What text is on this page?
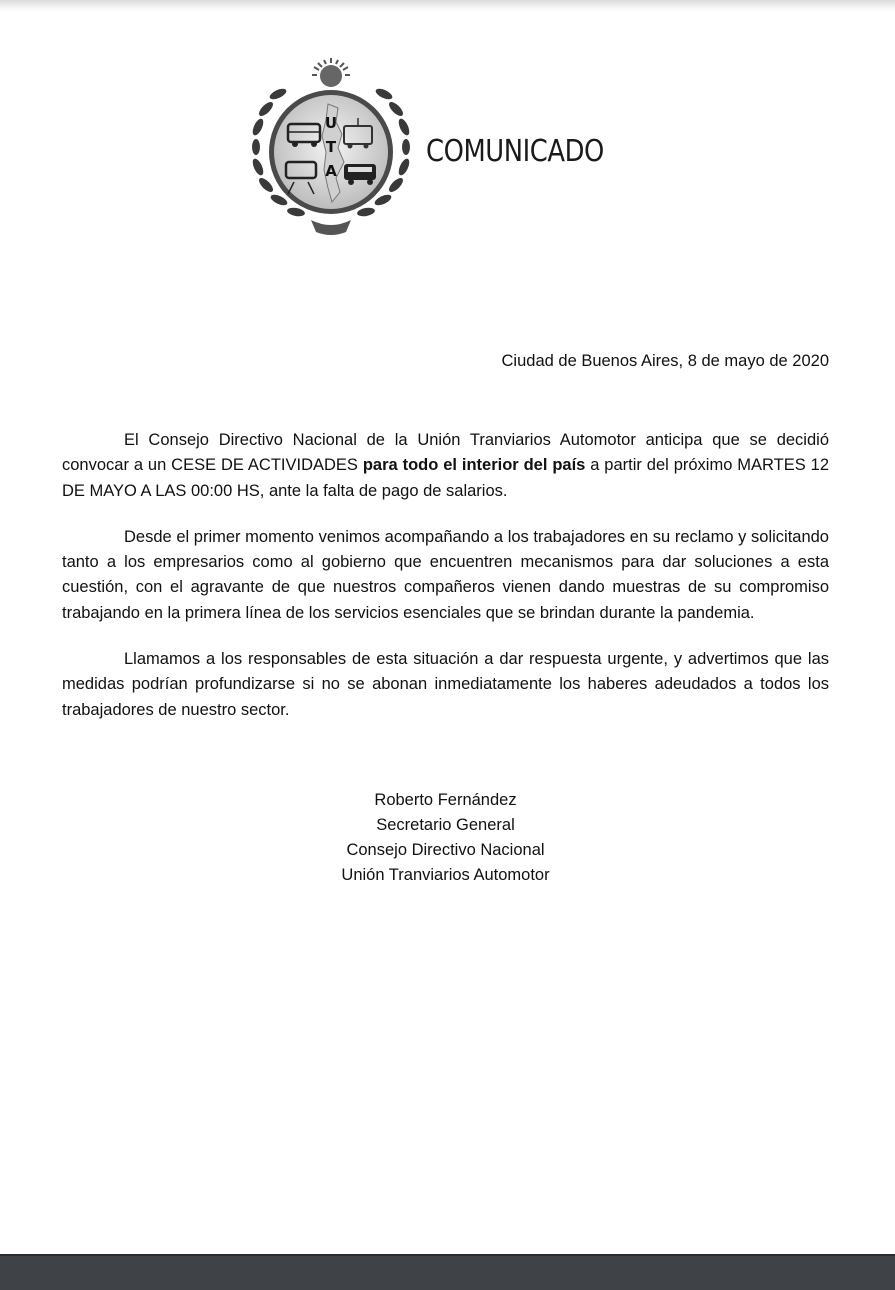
U
T
A
COMUNICADO
Ciudad de Buenos Aires, 8 de mayo de 2020

El Consejo Directivo Nacional de la Unión Tranviarios Automotor anticipa que se decidió convocar a un CESE DE ACTIVIDADES para todo el interior del país a partir del próximo MARTES 12 DE MAYO A LAS 00:00 HS, ante la falta de pago de salarios.

Desde el primer momento venimos acompañando a los trabajadores en su reclamo y solicitando tanto a los empresarios como al gobierno que encuentren mecanismos para dar soluciones a esta cuestión, con el agravante de que nuestros compañeros vienen dando muestras de su compromiso trabajando en la primera línea de los servicios esenciales que se brindan durante la pandemia.

Llamamos a los responsables de esta situación a dar respuesta urgente, y advertimos que las medidas podrían profundizarse si no se abonan inmediatamente los haberes adeudados a todos los trabajadores de nuestro sector.

Roberto Fernández
Secretario General
Consejo Directivo Nacional
Unión Tranviarios Automotor
